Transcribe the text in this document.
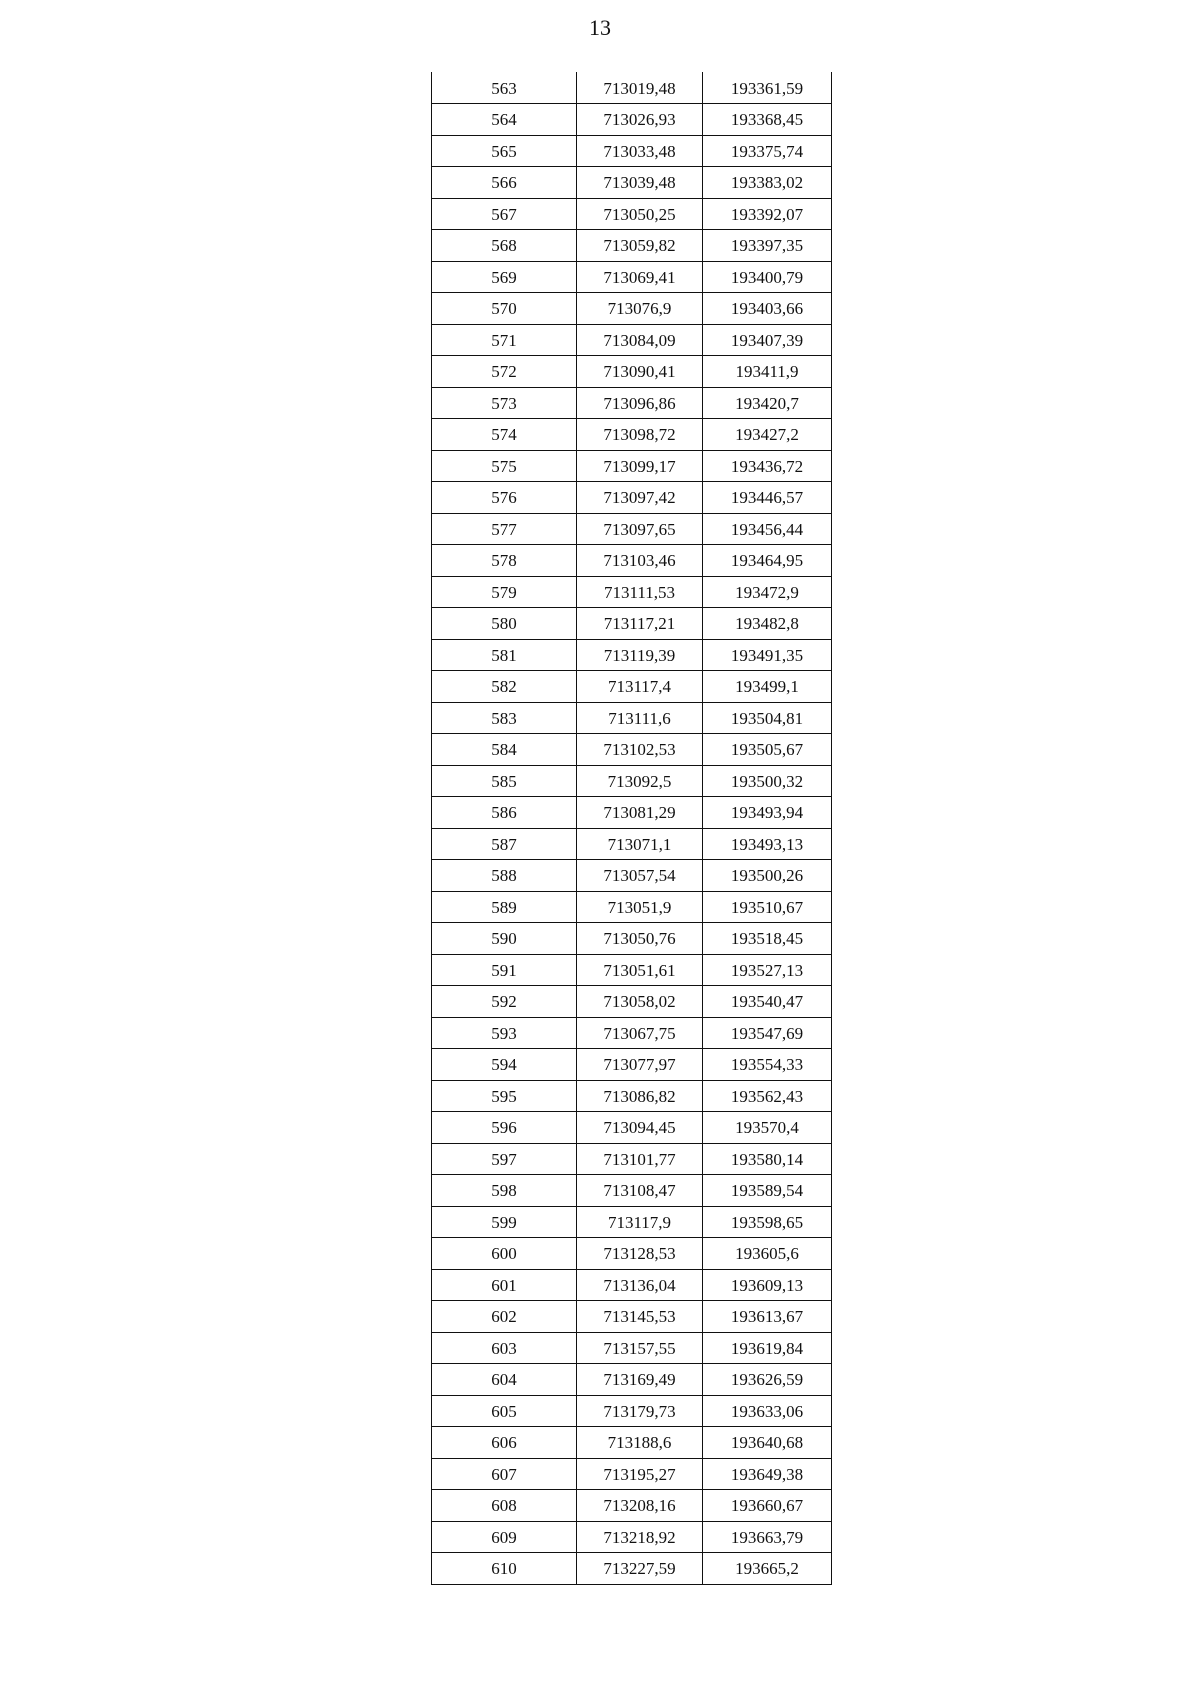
13
563	713019,48	193361,59
564	713026,93	193368,45
565	713033,48	193375,74
566	713039,48	193383,02
567	713050,25	193392,07
568	713059,82	193397,35
569	713069,41	193400,79
570	713076,9	193403,66
571	713084,09	193407,39
572	713090,41	193411,9
573	713096,86	193420,7
574	713098,72	193427,2
575	713099,17	193436,72
576	713097,42	193446,57
577	713097,65	193456,44
578	713103,46	193464,95
579	713111,53	193472,9
580	713117,21	193482,8
581	713119,39	193491,35
582	713117,4	193499,1
583	713111,6	193504,81
584	713102,53	193505,67
585	713092,5	193500,32
586	713081,29	193493,94
587	713071,1	193493,13
588	713057,54	193500,26
589	713051,9	193510,67
590	713050,76	193518,45
591	713051,61	193527,13
592	713058,02	193540,47
593	713067,75	193547,69
594	713077,97	193554,33
595	713086,82	193562,43
596	713094,45	193570,4
597	713101,77	193580,14
598	713108,47	193589,54
599	713117,9	193598,65
600	713128,53	193605,6
601	713136,04	193609,13
602	713145,53	193613,67
603	713157,55	193619,84
604	713169,49	193626,59
605	713179,73	193633,06
606	713188,6	193640,68
607	713195,27	193649,38
608	713208,16	193660,67
609	713218,92	193663,79
610	713227,59	193665,2
